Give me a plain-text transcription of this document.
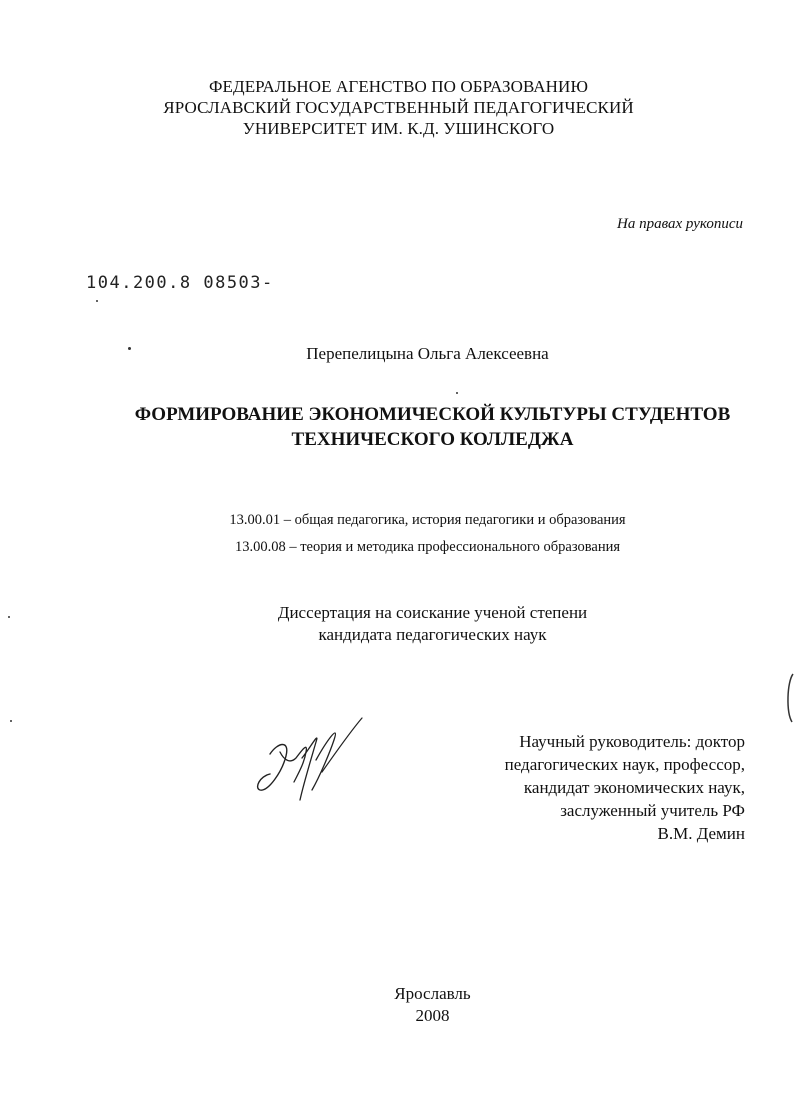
ФЕДЕРАЛЬНОЕ АГЕНСТВО ПО ОБРАЗОВАНИЮ
ЯРОСЛАВСКИЙ ГОСУДАРСТВЕННЫЙ ПЕДАГОГИЧЕСКИЙ
УНИВЕРСИТЕТ ИМ. К.Д. УШИНСКОГО
На правах рукописи
104.200.8 08503-
Перепелицына Ольга Алексеевна
ФОРМИРОВАНИЕ ЭКОНОМИЧЕСКОЙ КУЛЬТУРЫ СТУДЕНТОВ
ТЕХНИЧЕСКОГО КОЛЛЕДЖА
13.00.01 – общая педагогика, история педагогики и образования
13.00.08 – теория и методика профессионального образования
Диссертация на соискание ученой степени
кандидата педагогических наук
Научный руководитель: доктор
педагогических наук, профессор,
кандидат экономических наук,
заслуженный учитель РФ
В.М. Демин
Ярославль
2008
